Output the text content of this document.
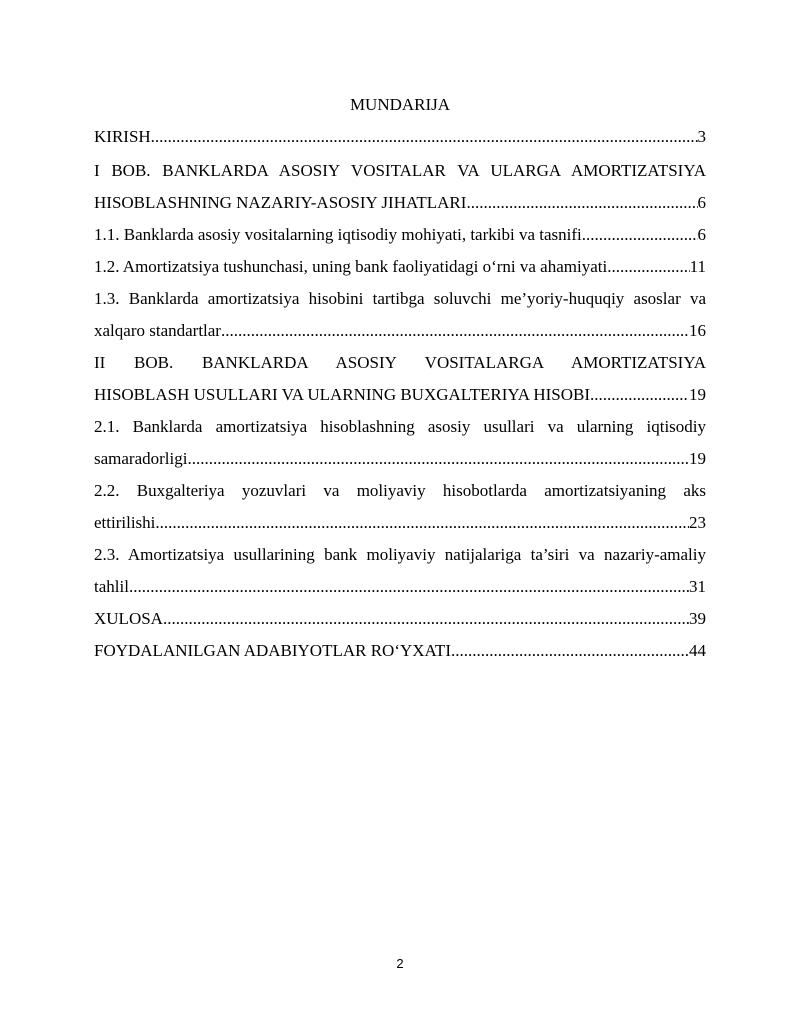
MUNDARIJA
KIRISH .....	3
I BOB. BANKLARDA ASOSIY VOSITALAR VA ULARGA AMORTIZATSIYA
HISOBLASHNING NAZARIY-ASOSIY JIHATLARI .....	6
1.1. Banklarda asosiy vositalarning iqtisodiy mohiyati, tarkibi va tasnifi .....	6
1.2. Amortizatsiya tushunchasi, uning bank faoliyatidagi o‘rni va ahamiyati .....	11
1.3. Banklarda amortizatsiya hisobini tartibga soluvchi me’yoriy-huquqiy asoslar va
xalqaro standartlar .....	16
II BOB. BANKLARDA ASOSIY VOSITALARGA AMORTIZATSIYA
HISOBLASH USULLARI VA ULARNING BUXGALTERIYA HISOBI .....	19
2.1. Banklarda amortizatsiya hisoblashning asosiy usullari va ularning iqtisodiy
samaradorligi .....	19
2.2. Buxgalteriya yozuvlari va moliyaviy hisobotlarda amortizatsiyaning aks
ettirilishi .....	23
2.3. Amortizatsiya usullarining bank moliyaviy natijalariga ta’siri va nazariy-amaliy
tahlil .....	31
XULOSA .....	39
FOYDALANILGAN ADABIYOTLAR RO‘YXATI .....	44
2
